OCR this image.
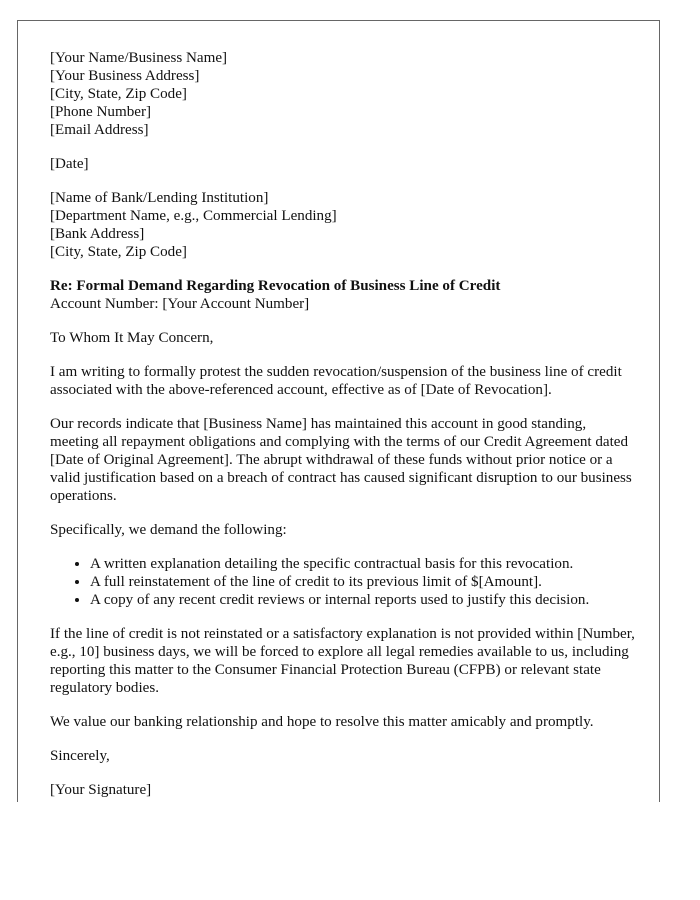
[Your Name/Business Name]
[Your Business Address]
[City, State, Zip Code]
[Phone Number]
[Email Address]
[Date]
[Name of Bank/Lending Institution]
[Department Name, e.g., Commercial Lending]
[Bank Address]
[City, State, Zip Code]
Re: Formal Demand Regarding Revocation of Business Line of Credit
Account Number: [Your Account Number]

To Whom It May Concern,

I am writing to formally protest the sudden revocation/suspension of the business line of credit associated with the above-referenced account, effective as of [Date of Revocation].

Our records indicate that [Business Name] has maintained this account in good standing, meeting all repayment obligations and complying with the terms of our Credit Agreement dated [Date of Original Agreement]. The abrupt withdrawal of these funds without prior notice or a valid justification based on a breach of contract has caused significant disruption to our business operations.

Specifically, we demand the following:

• A written explanation detailing the specific contractual basis for this revocation.
• A full reinstatement of the line of credit to its previous limit of $[Amount].
• A copy of any recent credit reviews or internal reports used to justify this decision.

If the line of credit is not reinstated or a satisfactory explanation is not provided within [Number, e.g., 10] business days, we will be forced to explore all legal remedies available to us, including reporting this matter to the Consumer Financial Protection Bureau (CFPB) or relevant state regulatory bodies.

We value our banking relationship and hope to resolve this matter amicably and promptly.

Sincerely,

[Your Signature]
